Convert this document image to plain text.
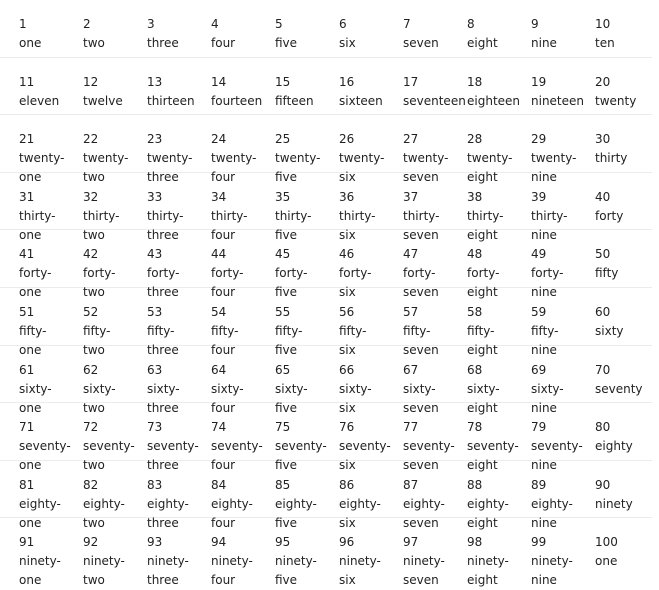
1
one
2
two
3
three
4
four
5
five
6
six
7
seven
8
eight
9
nine
10
ten
11
eleven
12
twelve
13
thirteen
14
fourteen
15
fifteen
16
sixteen
17
seventeen
18
eighteen
19
nineteen
20
twenty
21
twenty-
one
22
twenty-
two
23
twenty-
three
24
twenty-
four
25
twenty-
five
26
twenty-
six
27
twenty-
seven
28
twenty-
eight
29
twenty-
nine
30
thirty
31
thirty-
one
32
thirty-
two
33
thirty-
three
34
thirty-
four
35
thirty-
five
36
thirty-
six
37
thirty-
seven
38
thirty-
eight
39
thirty-
nine
40
forty
41
forty-
one
42
forty-
two
43
forty-
three
44
forty-
four
45
forty-
five
46
forty-
six
47
forty-
seven
48
forty-
eight
49
forty-
nine
50
fifty
51
fifty-
one
52
fifty-
two
53
fifty-
three
54
fifty-
four
55
fifty-
five
56
fifty-
six
57
fifty-
seven
58
fifty-
eight
59
fifty-
nine
60
sixty
61
sixty-
one
62
sixty-
two
63
sixty-
three
64
sixty-
four
65
sixty-
five
66
sixty-
six
67
sixty-
seven
68
sixty-
eight
69
sixty-
nine
70
seventy
71
seventy-
one
72
seventy-
two
73
seventy-
three
74
seventy-
four
75
seventy-
five
76
seventy-
six
77
seventy-
seven
78
seventy-
eight
79
seventy-
nine
80
eighty
81
eighty-
one
82
eighty-
two
83
eighty-
three
84
eighty-
four
85
eighty-
five
86
eighty-
six
87
eighty-
seven
88
eighty-
eight
89
eighty-
nine
90
ninety
91
ninety-
one
92
ninety-
two
93
ninety-
three
94
ninety-
four
95
ninety-
five
96
ninety-
six
97
ninety-
seven
98
ninety-
eight
99
ninety-
nine
100
one
